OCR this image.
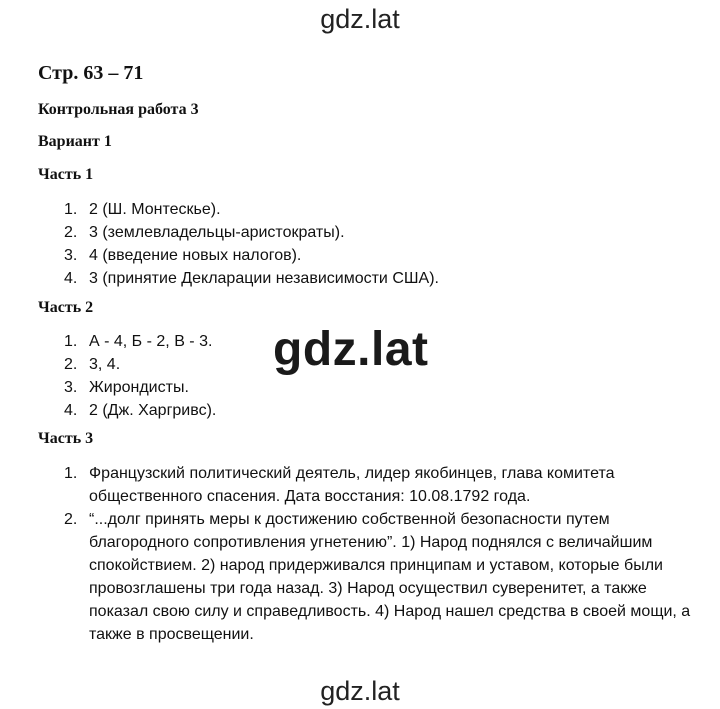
gdz.lat
Стр. 63 – 71
Контрольная работа 3
Вариант 1
Часть 1
1. 2 (Ш. Монтескье).
2. 3 (землевладельцы-аристократы).
3. 4 (введение новых налогов).
4. 3 (принятие Декларации независимости США).
Часть 2
1. А - 4, Б - 2, В - 3.
2. 3, 4.
3. Жирондисты.
4. 2 (Дж. Харгривс).
gdz.lat
Часть 3
1. Французский политический деятель, лидер якобинцев, глава комитета
общественного спасения. Дата восстания: 10.08.1792 года.
2. “...долг принять меры к достижению собственной безопасности путем
благородного сопротивления угнетению”. 1) Народ поднялся с величайшим
спокойствием. 2) народ придерживался принципам и уставом, которые были
провозглашены три года назад. 3) Народ осуществил суверенитет, а также
показал свою силу и справедливость. 4) Народ нашел средства в своей мощи, а
также в просвещении.
gdz.lat
